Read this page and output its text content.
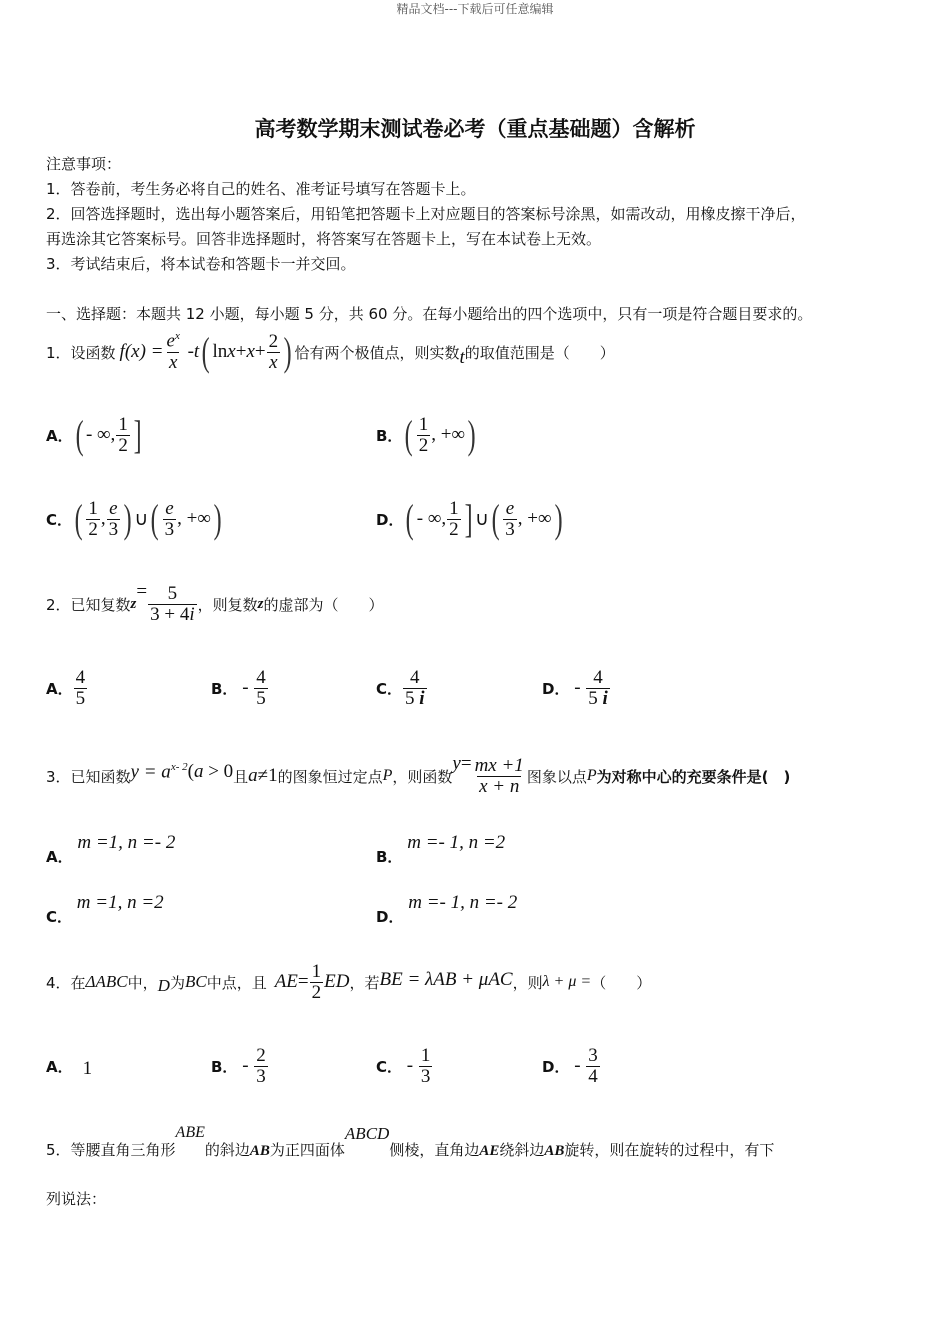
精品文档---下载后可任意编辑
高考数学期末测试卷必考（重点基础题）含解析
注意事项：
1．答卷前，考生务必将自己的姓名、准考证号填写在答题卡上。
2．回答选择题时，选出每小题答案后，用铅笔把答题卡上对应题目的答案标号涂黑，如需改动，用橡皮擦干净后，
再选涂其它答案标号。回答非选择题时，将答案写在答题卡上，写在本试卷上无效。
3．考试结束后，将本试卷和答题卡一并交回。
一、选择题：本题共 12 小题，每小题 5 分，共 60 分。在每小题给出的四个选项中，只有一项是符合题目要求的。
1．设函数 $f(x) = \frac{e^x}{x} - t$ ( $\ln x + x + \frac{2}{x}$ ) 恰有两个极值点，则实数 t 的取值范围是（　　）
A． ( - ∞, $\frac{1}{2}$ ]	B． ( $\frac{1}{2}$ , +∞ )
C． ( $\frac{1}{2}$ , $\frac{e}{3}$ ) ∪ ( $\frac{e}{3}$ , +∞ )	D． ( - ∞, $\frac{1}{2}$ ] ∪ ( $\frac{e}{3}$ , +∞ )
2．已知复数 z
= $\frac{5}{3 + 4i}$ ，则复数 z 的虚部为（　　）
A． $\frac{4}{5}$	B． - $\frac{4}{5}$	C． $\frac{4}{5 i}$	D． - $\frac{4}{5 i}$
3．已知函数 $y = a^{x- 2}$ (a > 0 且 a ≠1 的图象恒过定点 P ，则函数
$y = \frac{mx +1}{x + n}$ 图象以点 P 为对称中心的充要条件是(　)
A． m =1, n =- 2
B． m =- 1, n =2
C． m =1, n =2
D． m =- 1, n =- 2
4．在 ΔABC 中， D 为 BC 中点，且 AE = $\frac{1}{2}$ ED ，若 BE = λAB + μAC ，则 λ + μ = （　　）
A． 1	B． - $\frac{2}{3}$	C． - $\frac{1}{3}$	D． - $\frac{3}{4}$
5．等腰直角三角形
ABE
的斜边 AB 为正四面体
ABCD
侧棱，直角边 AE 绕斜边 AB 旋转，则在旋转的过程中，有下
列说法：
